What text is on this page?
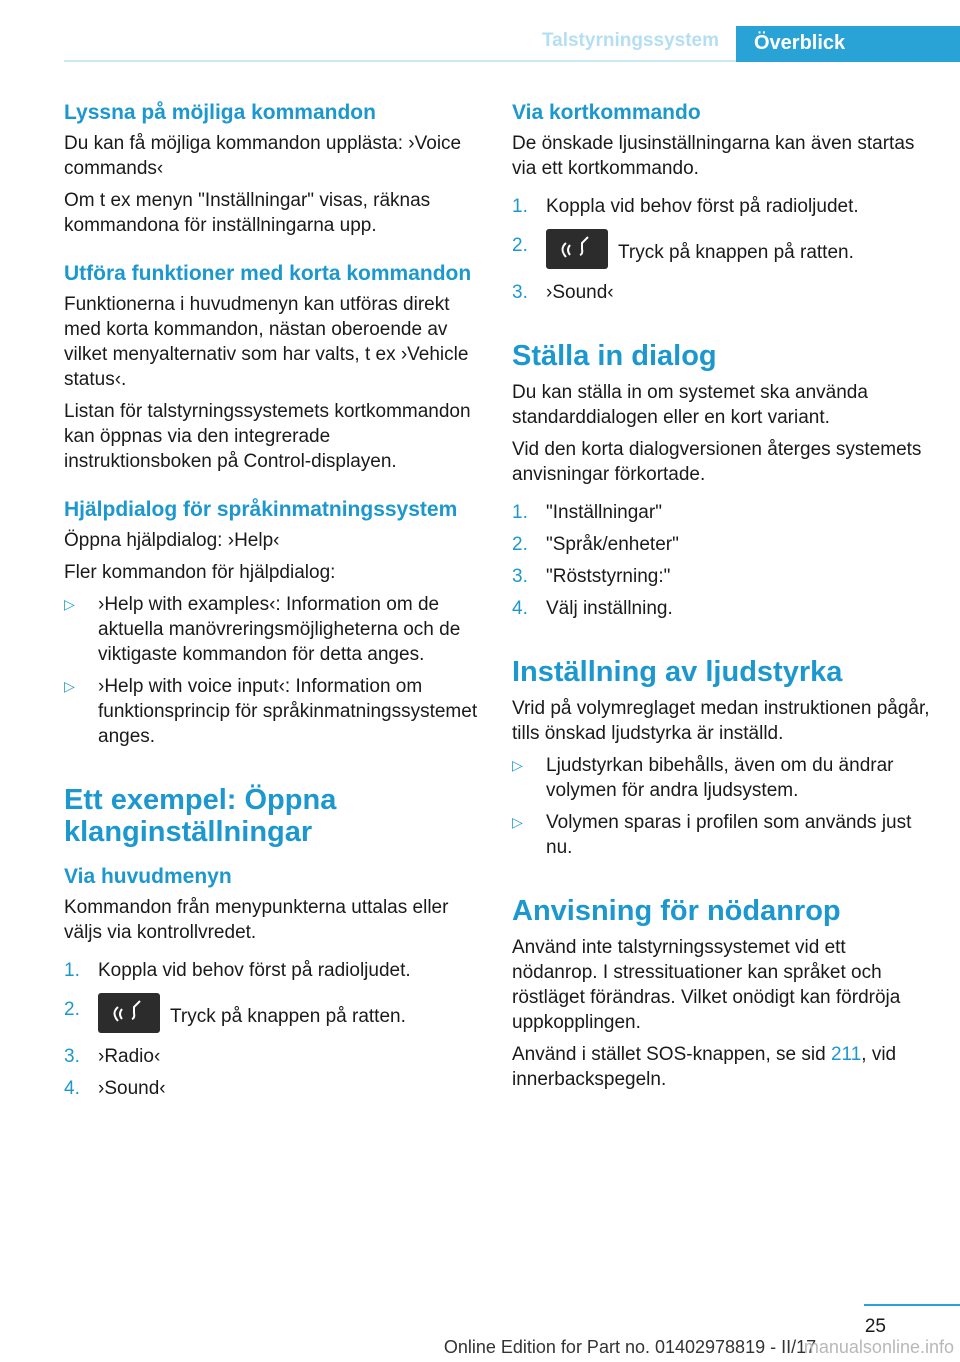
Talstyrningssystem	Överblick
Lyssna på möjliga kommandon

Du kan få möjliga kommandon upplästa: ›Voice commands‹

Om t ex menyn "Inställningar" visas, räknas kommandona för inställningarna upp.

Utföra funktioner med korta kommandon

Funktionerna i huvudmenyn kan utföras direkt med korta kommandon, nästan oberoende av vilket menyalternativ som har valts, t ex ›Vehicle status‹.

Listan för talstyrningssystemets kortkommandon kan öppnas via den integrerade instruktionsboken på Control-displayen.

Hjälpdialog för språkinmatningssystem

Öppna hjälpdialog: ›Help‹

Fler kommandon för hjälpdialog:

▷ ›Help with examples‹: Information om de aktuella manövreringsmöjligheterna och de viktigaste kommandon för detta anges.
▷ ›Help with voice input‹: Information om funktionsprincip för språkinmatningssystemet anges.
Ett exempel: Öppna klanginställningar
Via huvudmenyn

Kommandon från menypunkterna uttalas eller väljs via kontrollvredet.

1. Koppla vid behov först på radioljudet.
2.	Tryck på knappen på ratten.
3. ›Radio‹
4. ›Sound‹
Via kortkommando

De önskade ljusinställningarna kan även startas via ett kortkommando.

1. Koppla vid behov först på radioljudet.
2.	Tryck på knappen på ratten.
3. ›Sound‹
Ställa in dialog

Du kan ställa in om systemet ska använda standarddialogen eller en kort variant.

Vid den korta dialogversionen återges systemets anvisningar förkortade.

1. "Inställningar"
2. "Språk/enheter"
3. "Röststyrning:"
4. Välj inställning.
Inställning av ljudstyrka

Vrid på volymreglaget medan instruktionen pågår, tills önskad ljudstyrka är inställd.

▷ Ljudstyrkan bibehålls, även om du ändrar volymen för andra ljudsystem.
▷ Volymen sparas i profilen som används just nu.
Anvisning för nödanrop

Använd inte talstyrningssystemet vid ett nödanrop. I stressituationer kan språket och röstläget förändras. Vilket onödigt kan fördröja uppkopplingen.

Använd i stället SOS-knappen, se sid 211, vid innerbackspegeln.

25
Online Edition for Part no. 01402978819 - II/17
manualsonline.info
